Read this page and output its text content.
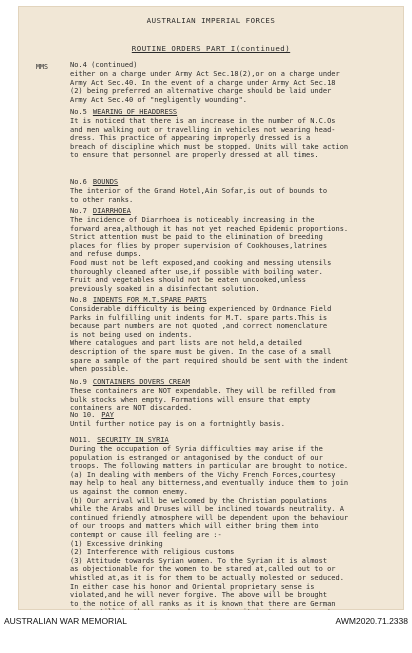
AUSTRALIAN IMPERIAL FORCES
ROUTINE ORDERS PART I(continued)
MMS	No.4 (continued)
either on a charge under Army Act Sec.18(2),or on a charge under
Army Act Sec.40. In the event of a charge under Army Act Sec.18
(2) being preferred an alternative charge should be laid under
Army Act Sec.40 of "negligently wounding".
No.5 WEARING OF HEADDRESS
It is noticed that there is an increase in the number of N.C.Os
and men walking out or travelling in vehicles not wearing head-
dress. This practice of appearing improperly dressed is a
breach of discipline which must be stopped. Units will take action
to ensure that personnel are properly dressed at all times.
No.6 BOUNDS
The interior of the Grand Hotel,Ain Sofar,is out of bounds to
to other ranks.
No.7 DIARRHOEA
The incidence of Diarrhoea is noticeably increasing in the
forward area,although it has not yet reached Epidemic proportions.
Strict attention must be paid to the elimination of breeding
places for flies by proper supervision of Cookhouses,latrines
and refuse dumps.
Food must not be left exposed,and cooking and messing utensils
thoroughly cleaned after use,if possible with boiling water.
Fruit and vegetables should not be eaten uncooked,unless
previously soaked in a disinfectant solution.
No.8 INDENTS FOR M.T.SPARE PARTS
Considerable difficulty is being experienced by Ordnance Field
Parks in fulfilling unit indents for M.T. spare parts.This is
because part numbers are not quoted ,and correct nomenclature
is not being used on indents.
Where catalogues and part lists are not held,a detailed
description of the spare must be given. In the case of a small
spare a sample of the part required should be sent with the indent
when possible.
No.9 CONTAINERS DOVERS CREAM
These containers are NOT expendable. They will be refilled from
bulk stocks when empty. Formations will ensure that empty
containers are NOT discarded.
No 10. PAY
Until further notice pay is on a fortnightly basis.
NO11. SECURITY IN SYRIA
During the occupation of Syria difficulties may arise if the
population is estranged or antagonised by the conduct of our
troops. The following matters in particular are brought to notice.
(a) In dealing with members of the Vichy French Forces,courtesy
may help to heal any bitterness,and eventually induce them to join
us against the common enemy.
(b) Our arrival will be welcomed by the Christian populations
while the Arabs and Druses will be inclined towards neutrality. A
continued friendly atmosphere will be dependent upon the behaviour
of our troops and matters which will either bring them into
contempt or cause ill feeling are :-
(1) Excessive drinking
(2) Interference with religious customs
(3) Attitude towards Syrian women. To the Syrian it is almost
as objectionable for the women to be stared at,called out to or
whistled at,as it is for them to be actually molested or seduced.
In either case his honor and Oriental proprietary sense is
violated,and he will never forgive. The above will be brought
to the notice of all ranks as it is known that there are German
AUSTRALIAN WAR MEMORIAL	AWM2020.71.2338
